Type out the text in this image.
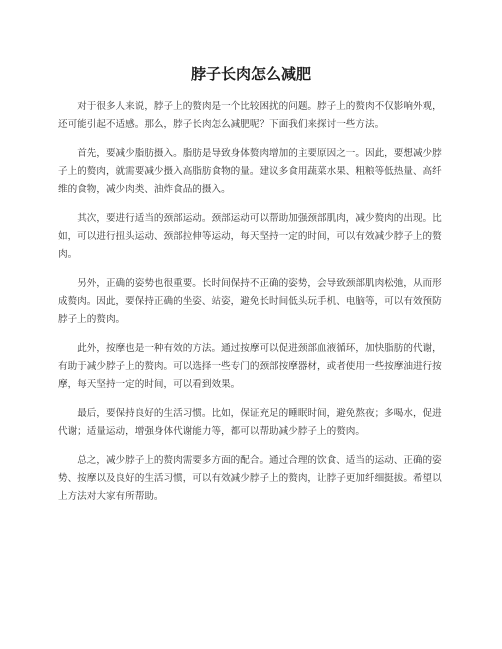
脖子长肉怎么减肥

对于很多人来说，脖子上的赘肉是一个比较困扰的问题。脖子上的赘肉不仅影响外观，还可能引起不适感。那么，脖子长肉怎么减肥呢？下面我们来探讨一些方法。

首先，要减少脂肪摄入。脂肪是导致身体赘肉增加的主要原因之一。因此，要想减少脖子上的赘肉，就需要减少摄入高脂肪食物的量。建议多食用蔬菜水果、粗粮等低热量、高纤维的食物，减少肉类、油炸食品的摄入。

其次，要进行适当的颈部运动。颈部运动可以帮助加强颈部肌肉，减少赘肉的出现。比如，可以进行扭头运动、颈部拉伸等运动，每天坚持一定的时间，可以有效减少脖子上的赘肉。

另外，正确的姿势也很重要。长时间保持不正确的姿势，会导致颈部肌肉松弛，从而形成赘肉。因此，要保持正确的坐姿、站姿，避免长时间低头玩手机、电脑等，可以有效预防脖子上的赘肉。

此外，按摩也是一种有效的方法。通过按摩可以促进颈部血液循环，加快脂肪的代谢，有助于减少脖子上的赘肉。可以选择一些专门的颈部按摩器材，或者使用一些按摩油进行按摩，每天坚持一定的时间，可以看到效果。

最后，要保持良好的生活习惯。比如，保证充足的睡眠时间，避免熬夜；多喝水，促进代谢；适量运动，增强身体代谢能力等，都可以帮助减少脖子上的赘肉。

总之，减少脖子上的赘肉需要多方面的配合。通过合理的饮食、适当的运动、正确的姿势、按摩以及良好的生活习惯，可以有效减少脖子上的赘肉，让脖子更加纤细挺拔。希望以上方法对大家有所帮助。
